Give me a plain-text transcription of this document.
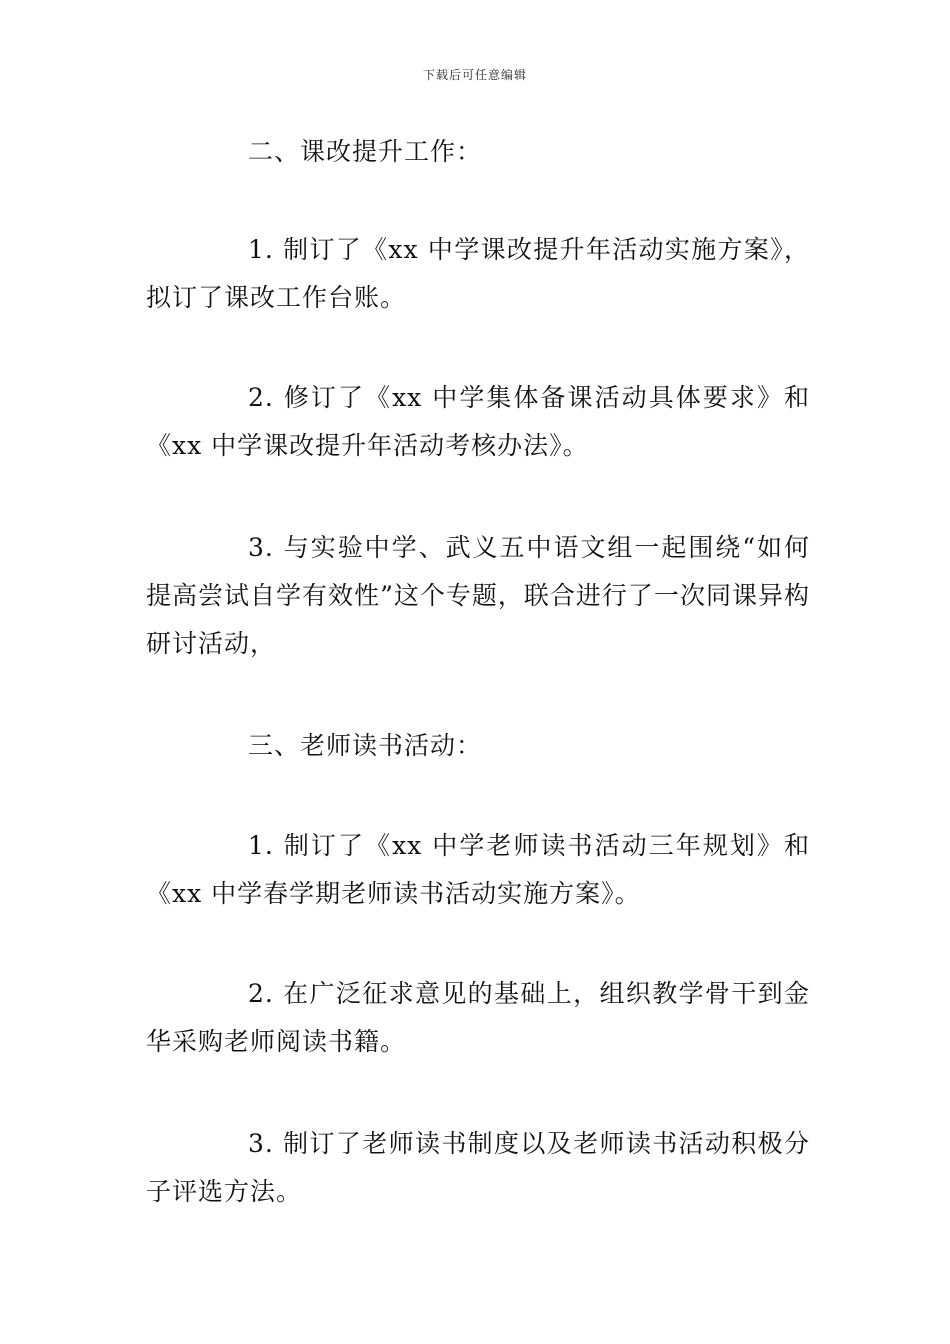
下载后可任意编辑
二、课改提升工作：
1. 制订了《xx 中学课改提升年活动实施方案》，拟订了课改工作台账。
2. 修订了《xx 中学集体备课活动具体要求》和《xx 中学课改提升年活动考核办法》。
3. 与实验中学、武义五中语文组一起围绕“如何提高尝试自学有效性”这个专题，联合进行了一次同课异构研讨活动，
三、老师读书活动：
1. 制订了《xx 中学老师读书活动三年规划》和《xx 中学春学期老师读书活动实施方案》。
2. 在广泛征求意见的基础上，组织教学骨干到金华采购老师阅读书籍。
3. 制订了老师读书制度以及老师读书活动积极分子评选方法。
